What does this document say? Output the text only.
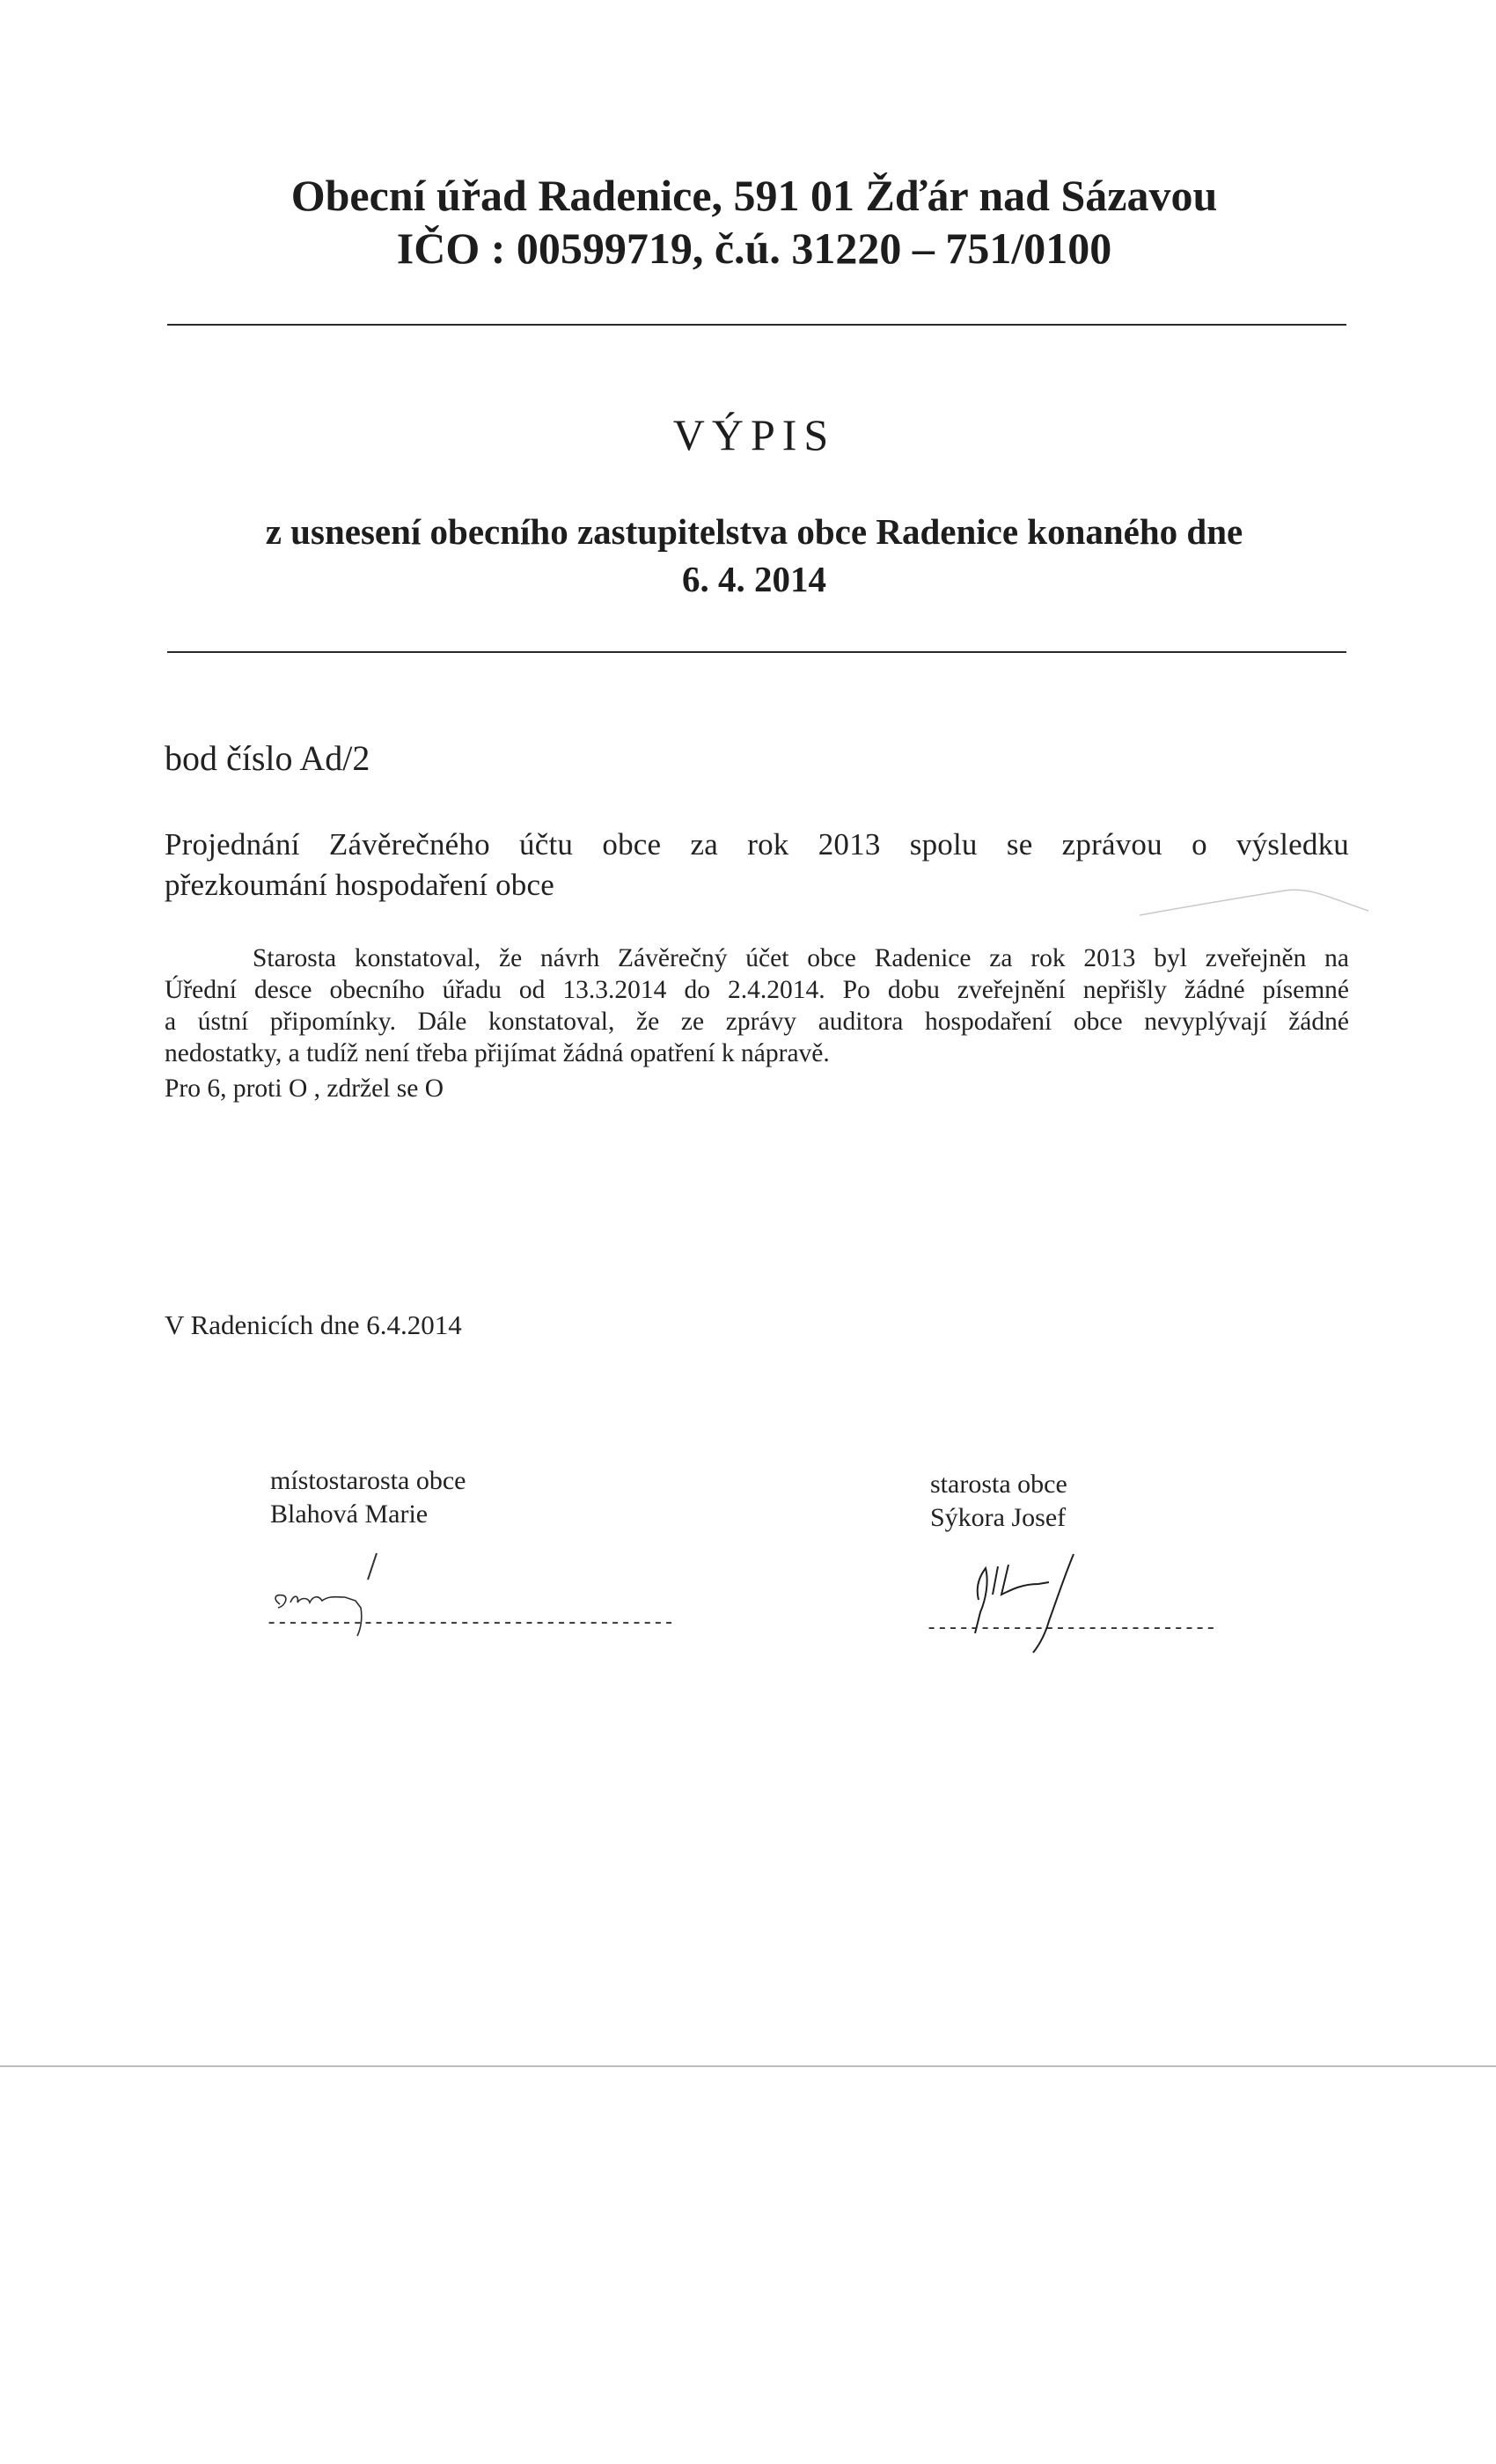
Obecní úřad Radenice, 591 01 Žďár nad Sázavou
IČO : 00599719, č.ú. 31220 – 751/0100
VÝPIS
z usnesení obecního zastupitelstva obce Radenice konaného dne
6. 4. 2014
bod číslo Ad/2
Projednání Závěrečného účtu obce za rok 2013 spolu se zprávou o výsledku
přezkoumání hospodaření obce
Starosta konstatoval, že návrh Závěrečný účet obce Radenice za rok 2013 byl zveřejněn na
Úřední desce obecního úřadu od 13.3.2014 do 2.4.2014. Po dobu zveřejnění nepřišly žádné písemné
a ústní připomínky. Dále konstatoval, že ze zprávy auditora hospodaření obce nevyplývají žádné
nedostatky, a tudíž není třeba přijímat žádná opatření k nápravě.
Pro 6, proti O , zdržel se O
V Radenicích dne 6.4.2014
místostarosta obce
Blahová Marie
--------------------------------------
starosta obce
Sýkora Josef
---------------------------
